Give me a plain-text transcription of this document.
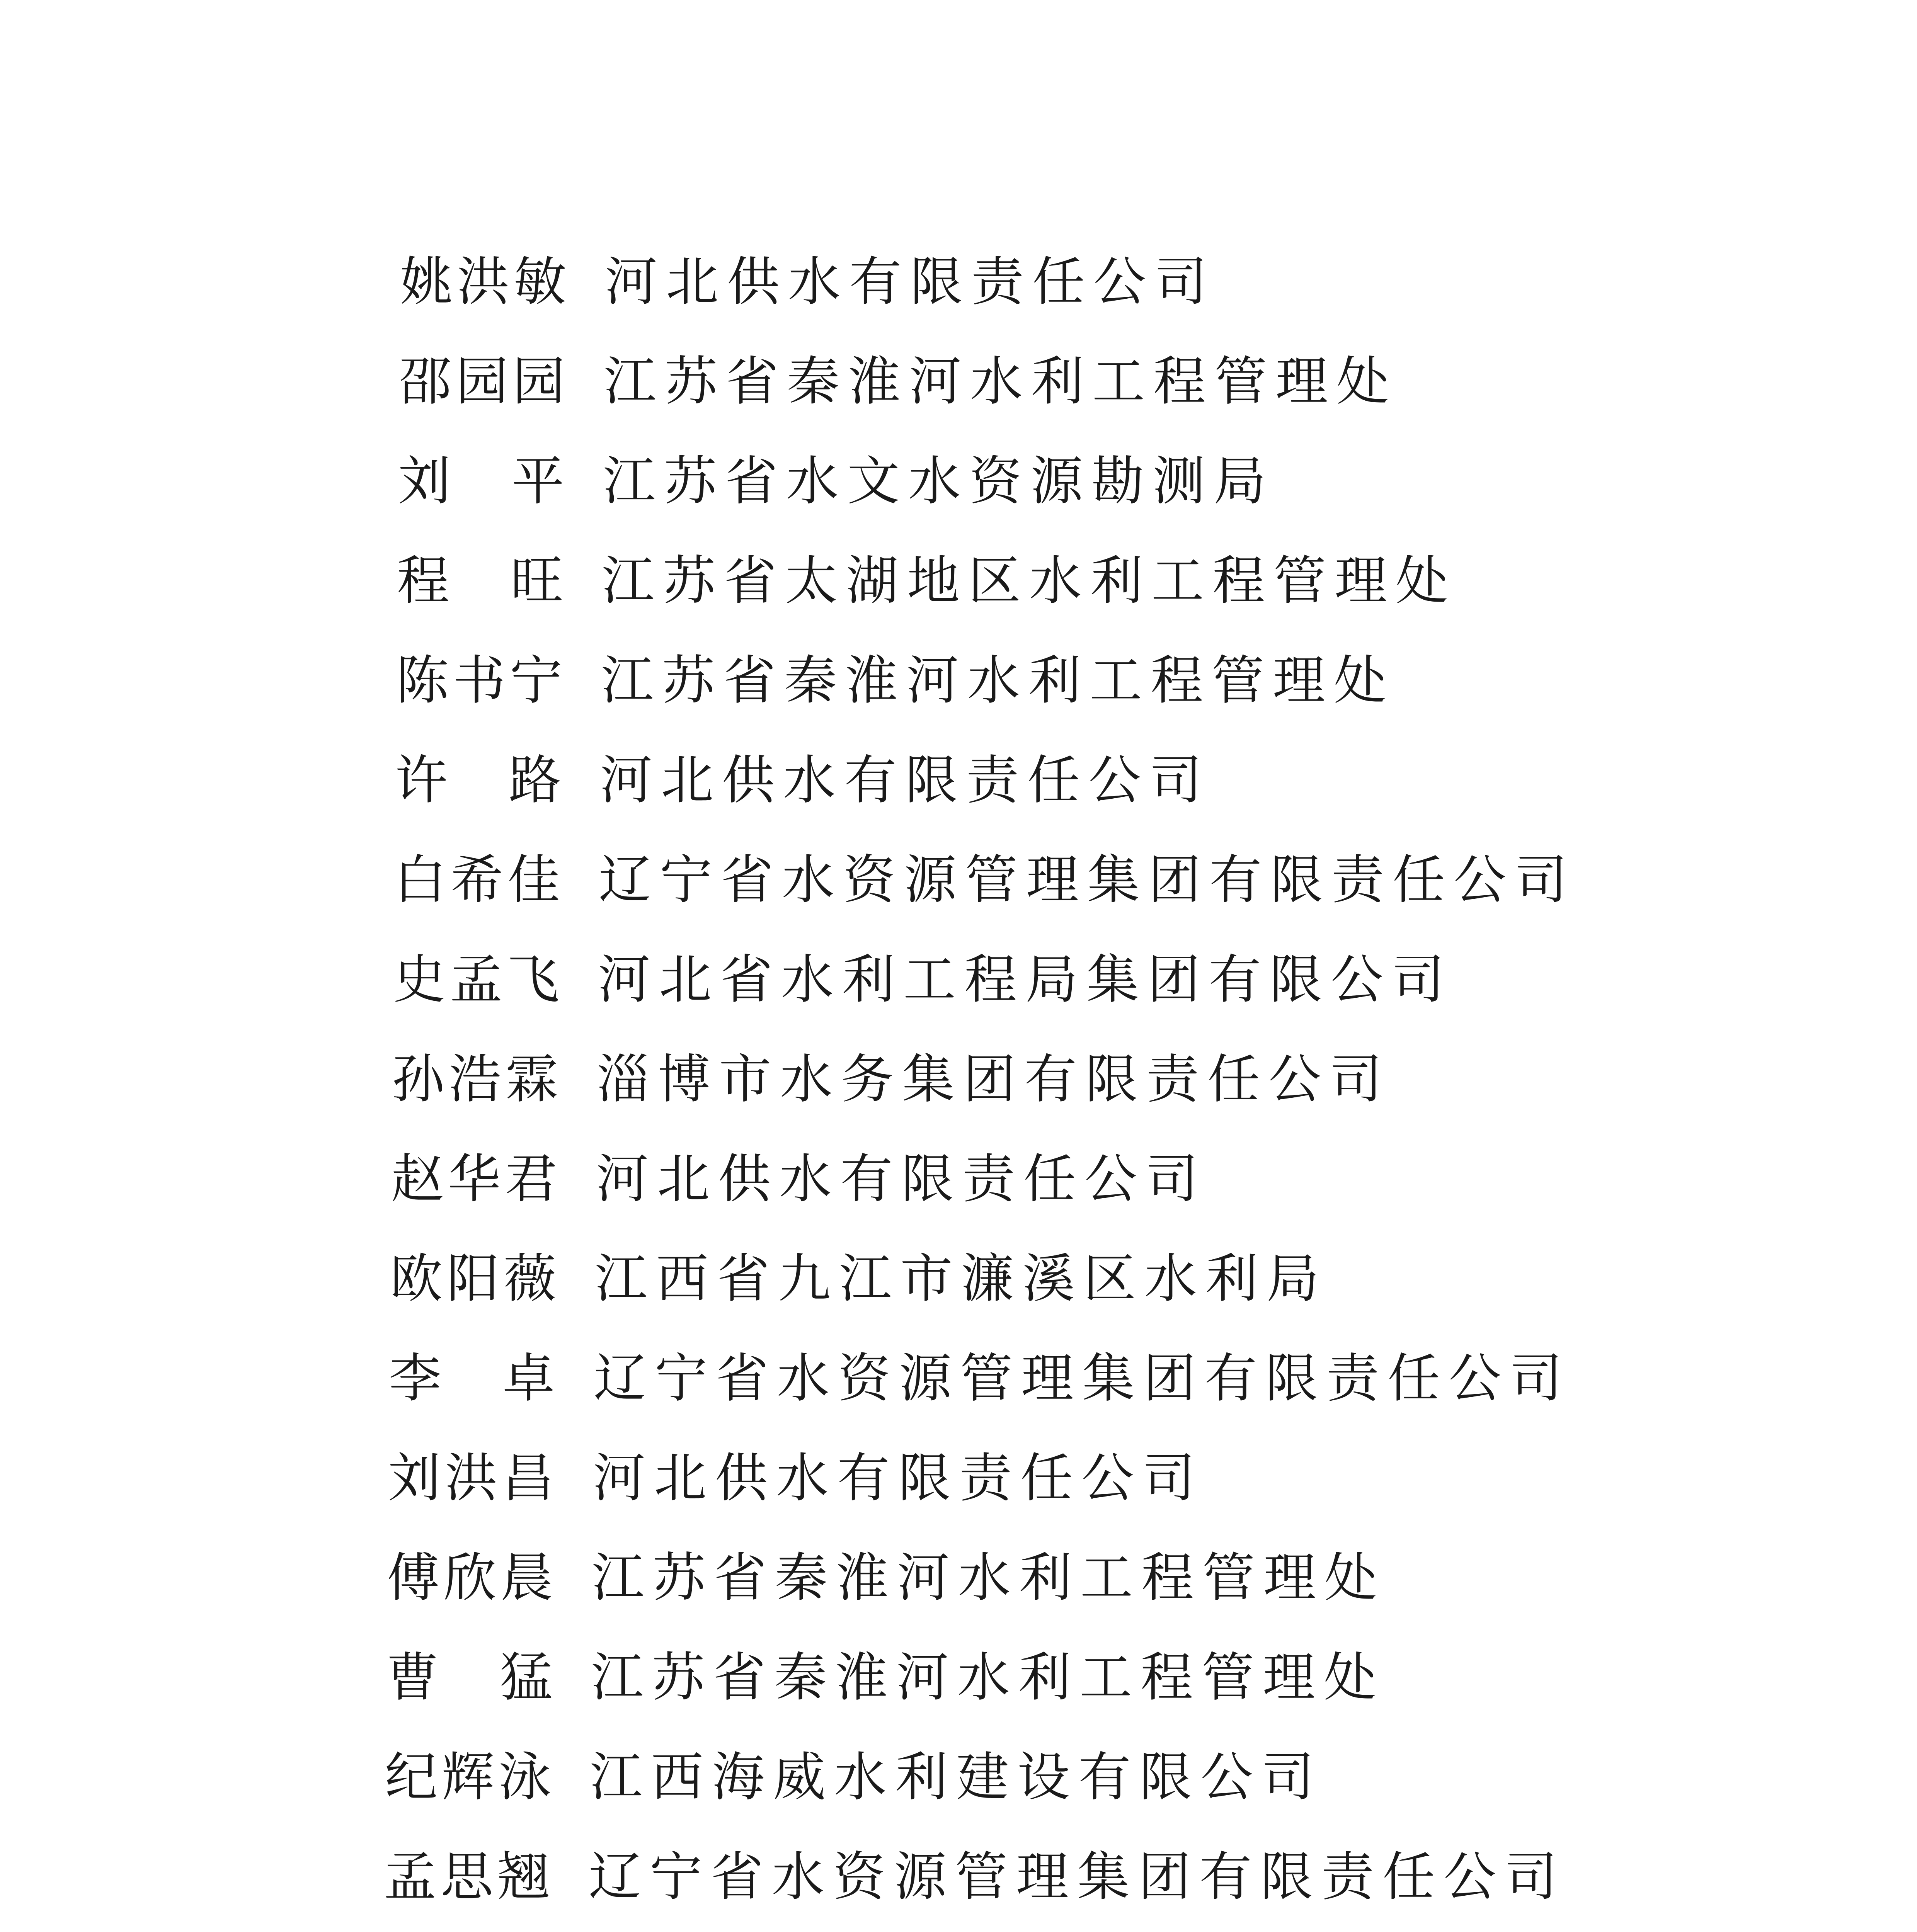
姚洪敏 河北供水有限责任公司
邵园园 江苏省秦淮河水利工程管理处
刘平 江苏省水文水资源勘测局
程旺 江苏省太湖地区水利工程管理处
陈书宁 江苏省秦淮河水利工程管理处
许路 河北供水有限责任公司
白希佳 辽宁省水资源管理集团有限责任公司
史孟飞 河北省水利工程局集团有限公司
孙浩霖 淄博市水务集团有限责任公司
赵华君 河北供水有限责任公司
欧阳薇 江西省九江市濂溪区水利局
李卓 辽宁省水资源管理集团有限责任公司
刘洪昌 河北供水有限责任公司
傅欣晨 江苏省秦淮河水利工程管理处
曹猛 江苏省秦淮河水利工程管理处
纪辉泳 江西海威水利建设有限公司
孟思翘 辽宁省水资源管理集团有限责任公司
